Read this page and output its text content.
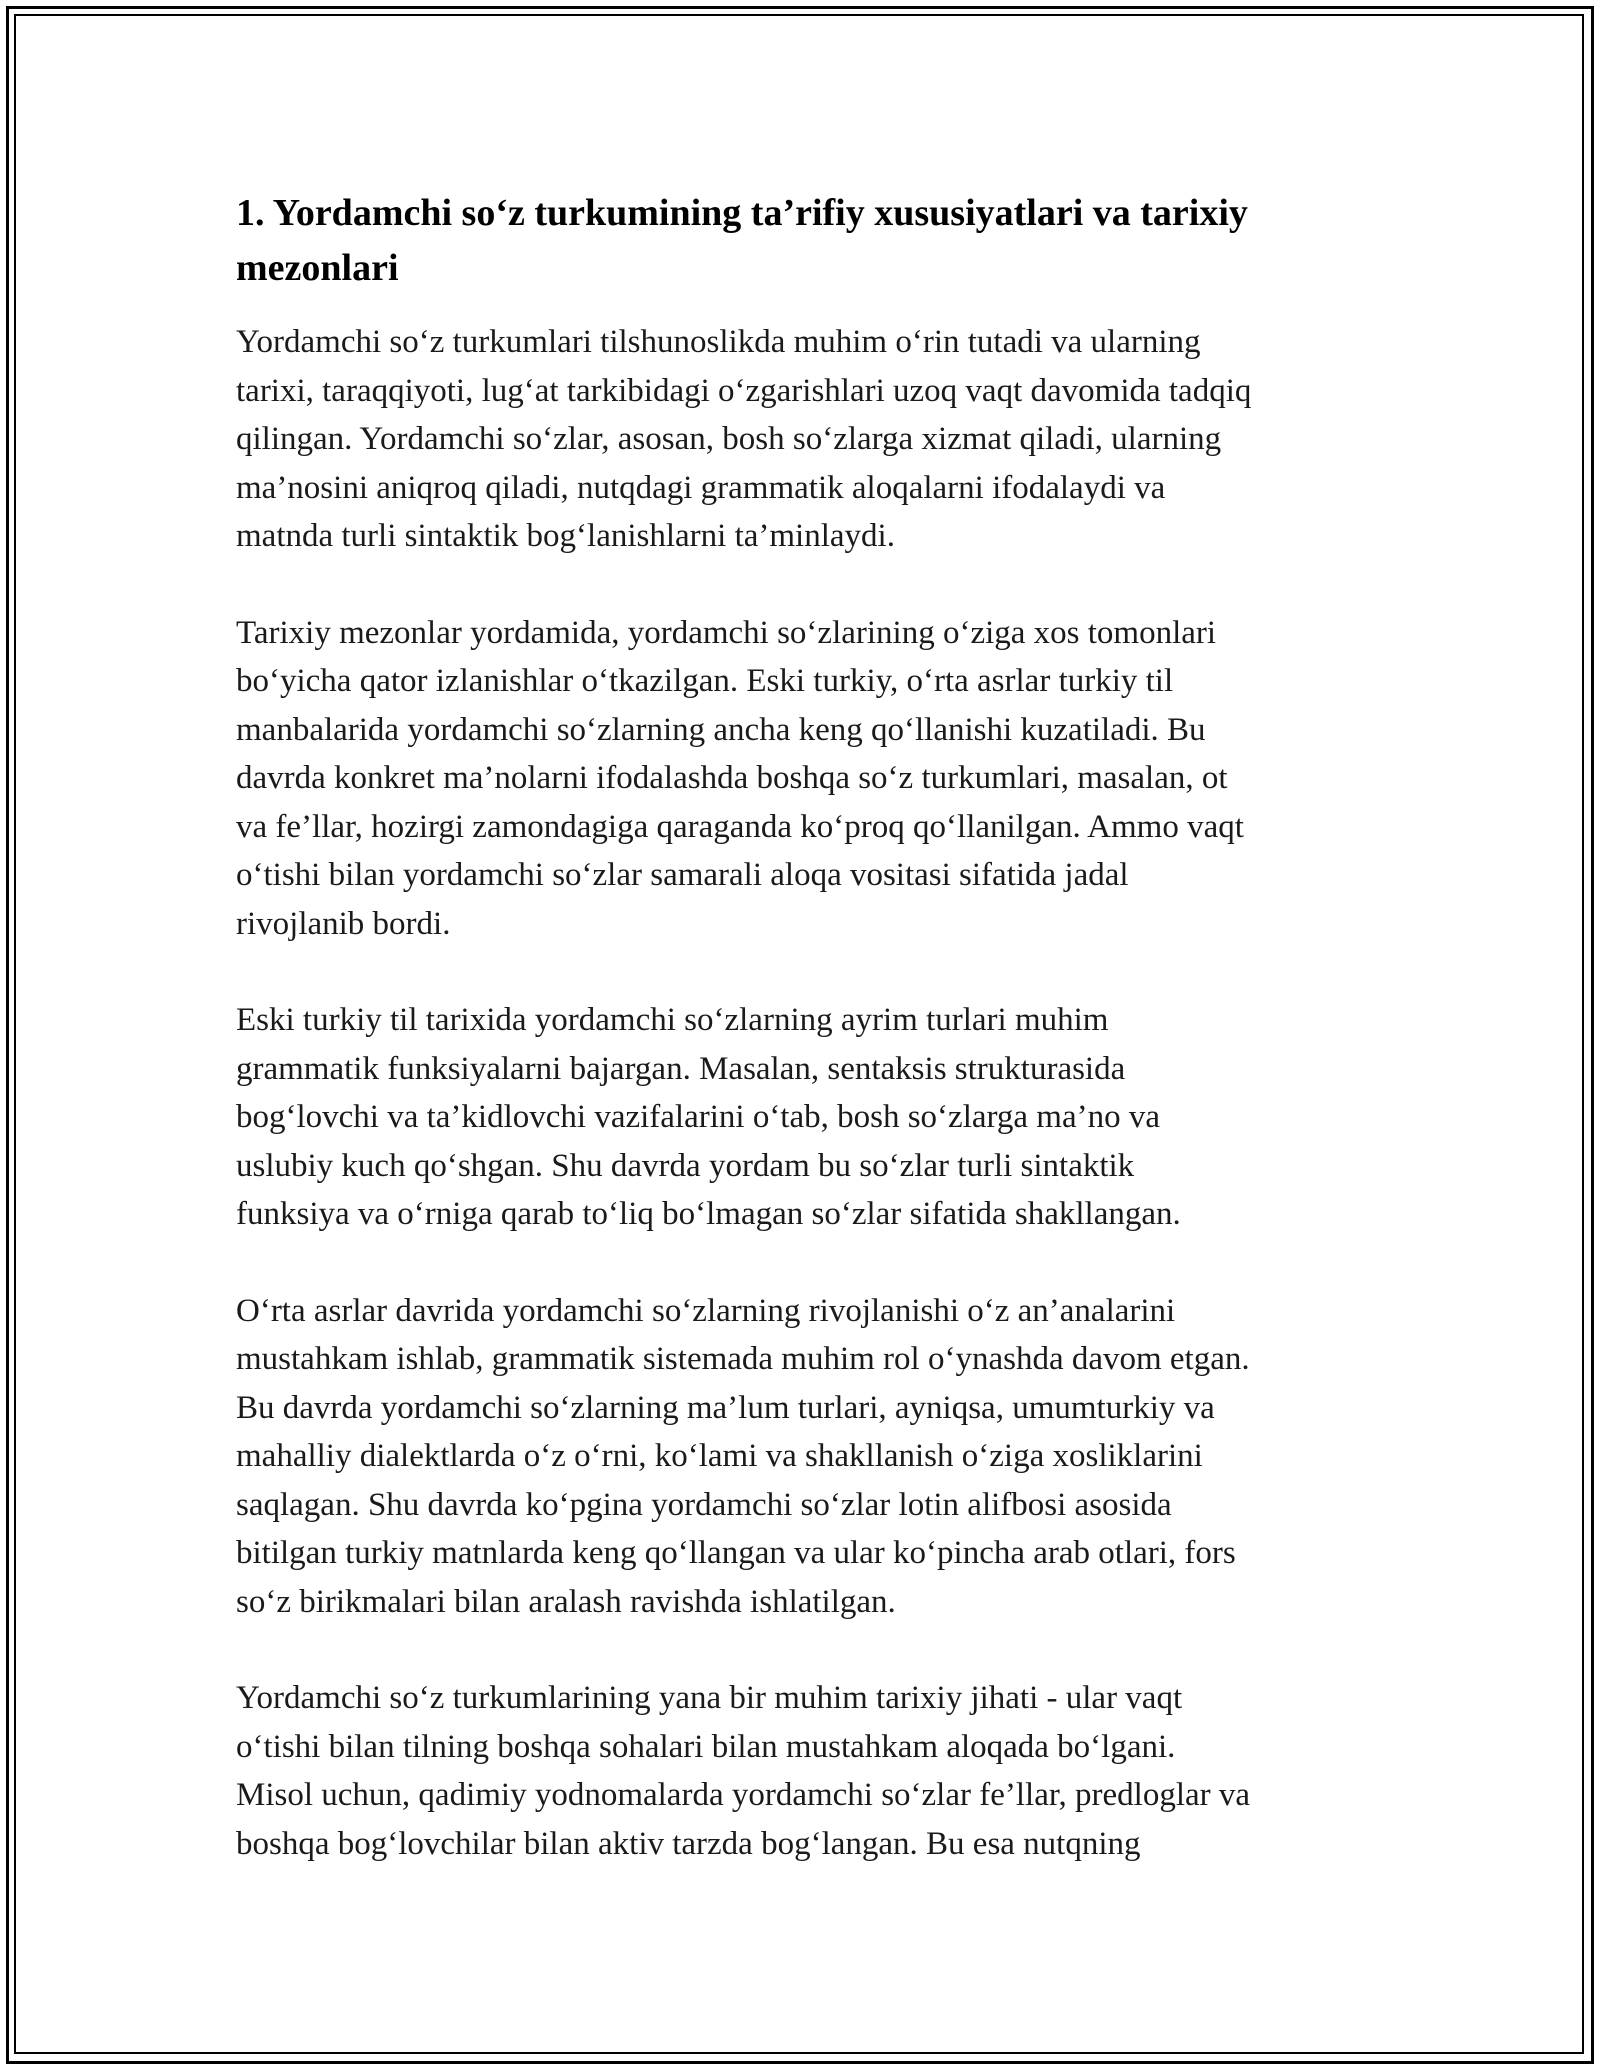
1. Yordamchi so‘z turkumining ta’rifiy xususiyatlari va tarixiy
mezonlari

Yordamchi so‘z turkumlari tilshunoslikda muhim o‘rin tutadi va ularning
tarixi, taraqqiyoti, lug‘at tarkibidagi o‘zgarishlari uzoq vaqt davomida tadqiq
qilingan. Yordamchi so‘zlar, asosan, bosh so‘zlarga xizmat qiladi, ularning
ma’nosini aniqroq qiladi, nutqdagi grammatik aloqalarni ifodalaydi va
matnda turli sintaktik bog‘lanishlarni ta’minlaydi.

Tarixiy mezonlar yordamida, yordamchi so‘zlarining o‘ziga xos tomonlari
bo‘yicha qator izlanishlar o‘tkazilgan. Eski turkiy, o‘rta asrlar turkiy til
manbalarida yordamchi so‘zlarning ancha keng qo‘llanishi kuzatiladi. Bu
davrda konkret ma’nolarni ifodalashda boshqa so‘z turkumlari, masalan, ot
va fe’llar, hozirgi zamondagiga qaraganda ko‘proq qo‘llanilgan. Ammo vaqt
o‘tishi bilan yordamchi so‘zlar samarali aloqa vositasi sifatida jadal
rivojlanib bordi.

Eski turkiy til tarixida yordamchi so‘zlarning ayrim turlari muhim
grammatik funksiyalarni bajargan. Masalan, sentaksis strukturasida
bog‘lovchi va ta’kidlovchi vazifalarini o‘tab, bosh so‘zlarga ma’no va
uslubiy kuch qo‘shgan. Shu davrda yordam bu so‘zlar turli sintaktik
funksiya va o‘rniga qarab to‘liq bo‘lmagan so‘zlar sifatida shakllangan.

O‘rta asrlar davrida yordamchi so‘zlarning rivojlanishi o‘z an’analarini
mustahkam ishlab, grammatik sistemada muhim rol o‘ynashda davom etgan.
Bu davrda yordamchi so‘zlarning ma’lum turlari, ayniqsa, umumturkiy va
mahalliy dialektlarda o‘z o‘rni, ko‘lami va shakllanish o‘ziga xosliklarini
saqlagan. Shu davrda ko‘pgina yordamchi so‘zlar lotin alifbosi asosida
bitilgan turkiy matnlarda keng qo‘llangan va ular ko‘pincha arab otlari, fors
so‘z birikmalari bilan aralash ravishda ishlatilgan.

Yordamchi so‘z turkumlarining yana bir muhim tarixiy jihati - ular vaqt
o‘tishi bilan tilning boshqa sohalari bilan mustahkam aloqada bo‘lgani.
Misol uchun, qadimiy yodnomalarda yordamchi so‘zlar fe’llar, predloglar va
boshqa bog‘lovchilar bilan aktiv tarzda bog‘langan. Bu esa nutqning
